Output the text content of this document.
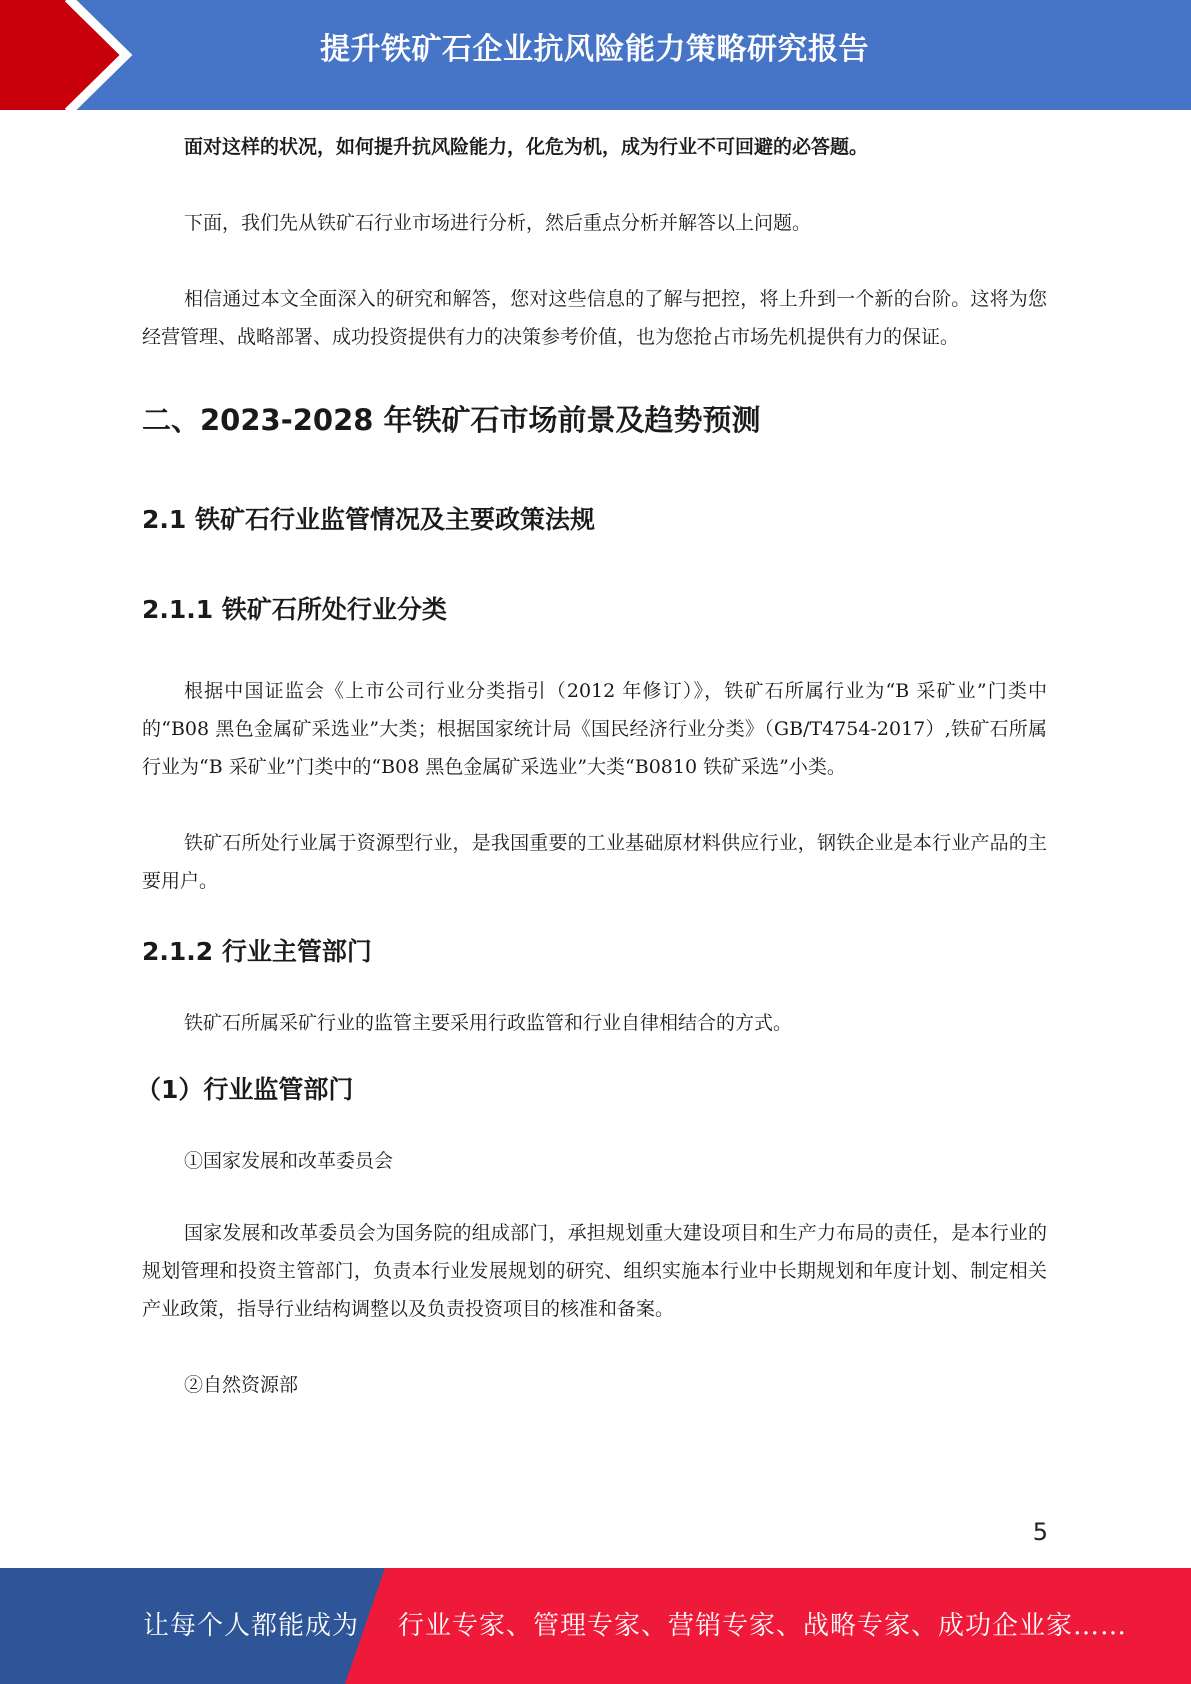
提升铁矿石企业抗风险能力策略研究报告

面对这样的状况，如何提升抗风险能力，化危为机，成为行业不可回避的必答题。

下面，我们先从铁矿石行业市场进行分析，然后重点分析并解答以上问题。

相信通过本文全面深入的研究和解答，您对这些信息的了解与把控，将上升到一个新的台阶。这将为您经营管理、战略部署、成功投资提供有力的决策参考价值，也为您抢占市场先机提供有力的保证。

二、2023-2028 年铁矿石市场前景及趋势预测
2.1 铁矿石行业监管情况及主要政策法规
2.1.1 铁矿石所处行业分类

根据中国证监会《上市公司行业分类指引（2012 年修订）》，铁矿石所属行业为“B 采矿业”门类中的“B08 黑色金属矿采选业”大类；根据国家统计局《国民经济行业分类》（GB/T4754-2017）,铁矿石所属行业为“B 采矿业”门类中的“B08 黑色金属矿采选业”大类“B0810 铁矿采选”小类。

铁矿石所处行业属于资源型行业，是我国重要的工业基础原材料供应行业，钢铁企业是本行业产品的主要用户。

2.1.2 行业主管部门

铁矿石所属采矿行业的监管主要采用行政监管和行业自律相结合的方式。

（1）行业监管部门

①国家发展和改革委员会

国家发展和改革委员会为国务院的组成部门，承担规划重大建设项目和生产力布局的责任，是本行业的规划管理和投资主管部门，负责本行业发展规划的研究、组织实施本行业中长期规划和年度计划、制定相关产业政策，指导行业结构调整以及负责投资项目的核准和备案。

②自然资源部

5
让每个人都能成为 行业专家、管理专家、营销专家、战略专家、成功企业家……
